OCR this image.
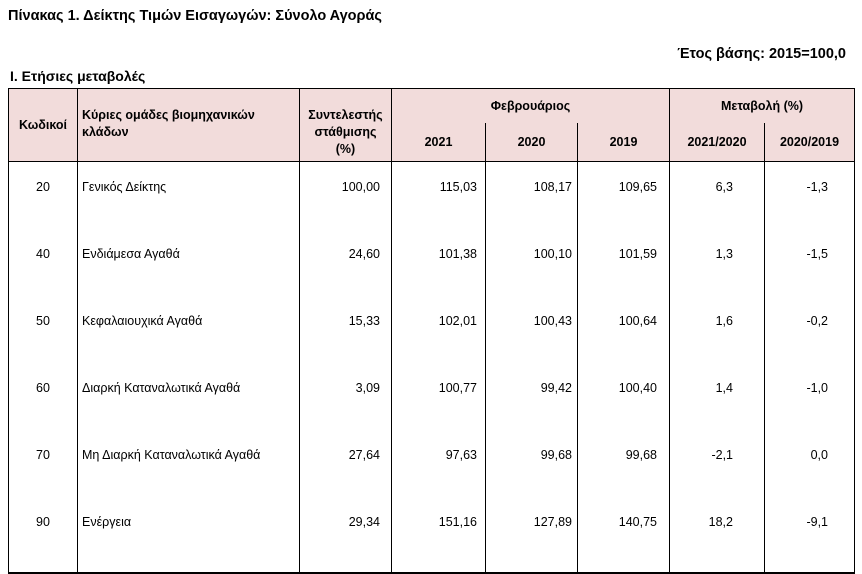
Πίνακας 1. Δείκτης Τιμών Εισαγωγών: Σύνολο Αγοράς
Έτος βάσης: 2015=100,0
I. Ετήσιες μεταβολές
Κωδικοί	Κύριες ομάδες βιομηχανικών κλάδων	Συντελεστής στάθμισης (%)	Φεβρουάριος			Μεταβολή (%)	
			2021	2020	2019	2021/2020	2020/2019
20	Γενικός Δείκτης	100,00	115,03	108,17	109,65	6,3	-1,3
40	Ενδιάμεσα Αγαθά	24,60	101,38	100,10	101,59	1,3	-1,5
50	Κεφαλαιουχικά Αγαθά	15,33	102,01	100,43	100,64	1,6	-0,2
60	Διαρκή Καταναλωτικά Αγαθά	3,09	100,77	99,42	100,40	1,4	-1,0
70	Μη Διαρκή Καταναλωτικά Αγαθά	27,64	97,63	99,68	99,68	-2,1	0,0
90	Ενέργεια	29,34	151,16	127,89	140,75	18,2	-9,1
